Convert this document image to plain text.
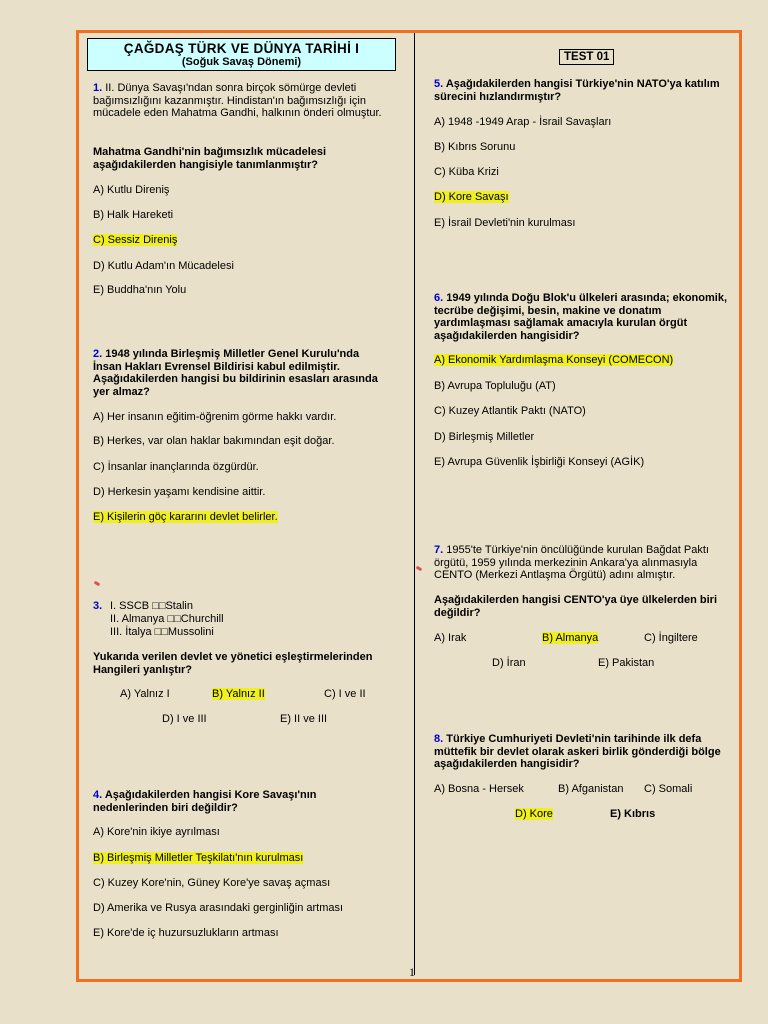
ÇAĞDAŞ TÜRK VE DÜNYA TARİHİ I
(Soğuk Savaş Dönemi)
1. II. Dünya Savaşı'ndan sonra birçok sömürge devleti bağımsızlığını kazanmıştır. Hindistan'ın bağımsızlığı için mücadele eden Mahatma Gandhi, halkının önderi olmuştur.
Mahatma Gandhi'nin bağımsızlık mücadelesi aşağıdakilerden hangisiyle tanımlanmıştır?
A) Kutlu Direniş
B) Halk Hareketi
C) Sessiz Direniş
D) Kutlu Adam'ın Mücadelesi
E) Buddha'nın Yolu
2. 1948 yılında Birleşmiş Milletler Genel Kurulu'nda İnsan Hakları Evrensel Bildirisi kabul edilmiştir. Aşağıdakilerden hangisi bu bildirinin esasları arasında yer almaz?
A) Her insanın eğitim-öğrenim görme hakkı vardır.
B) Herkes, var olan haklar bakımından eşit doğar.
C) İnsanlar inançlarında özgürdür.
D) Herkesin yaşamı kendisine aittir.
E) Kişilerin göç kararını devlet belirler.
3. I. SSCB □□Stalin
II. Almanya □□Churchill
III. İtalya □□Mussolini
Yukarıda verilen devlet ve yönetici eşleştirmelerinden Hangileri yanlıştır?
A) Yalnız I	B) Yalnız II	C) I ve II
D) I ve III	E) II ve III
4. Aşağıdakilerden hangisi Kore Savaşı'nın nedenlerinden biri değildir?
A) Kore'nin ikiye ayrılması
B) Birleşmiş Milletler Teşkilatı'nın kurulması
C) Kuzey Kore'nin, Güney Kore'ye savaş açması
D) Amerika ve Rusya arasındaki gerginliğin artması
E) Kore'de iç huzursuzlukların artması
TEST 01
5. Aşağıdakilerden hangisi Türkiye'nin NATO'ya katılım sürecini hızlandırmıştır?
A) 1948 -1949 Arap - İsrail Savaşları
B) Kıbrıs Sorunu
C) Küba Krizi
D) Kore Savaşı
E) İsrail Devleti'nin kurulması
6. 1949 yılında Doğu Blok'u ülkeleri arasında; ekonomik, tecrübe değişimi, besin, makine ve donatım yardımlaşması sağlamak amacıyla kurulan örgüt aşağıdakilerden hangisidir?
A) Ekonomik Yardımlaşma Konseyi (COMECON)
B) Avrupa Topluluğu (AT)
C) Kuzey Atlantik Paktı (NATO)
D) Birleşmiş Milletler
E) Avrupa Güvenlik İşbirliği Konseyi (AGİK)
7. 1955'te Türkiye'nin öncülüğünde kurulan Bağdat Paktı örgütü, 1959 yılında merkezinin Ankara'ya alınmasıyla CENTO (Merkezi Antlaşma Örgütü) adını almıştır.
Aşağıdakilerden hangisi CENTO'ya üye ülkelerden biri değildir?
A) Irak	B) Almanya	C) İngiltere
D) İran	E) Pakistan
8. Türkiye Cumhuriyeti Devleti'nin tarihinde ilk defa müttefik bir devlet olarak askeri birlik gönderdiği bölge aşağıdakilerden hangisidir?
A) Bosna - Hersek	B) Afganistan C) Somali
D) Kore	E) Kıbrıs
1
